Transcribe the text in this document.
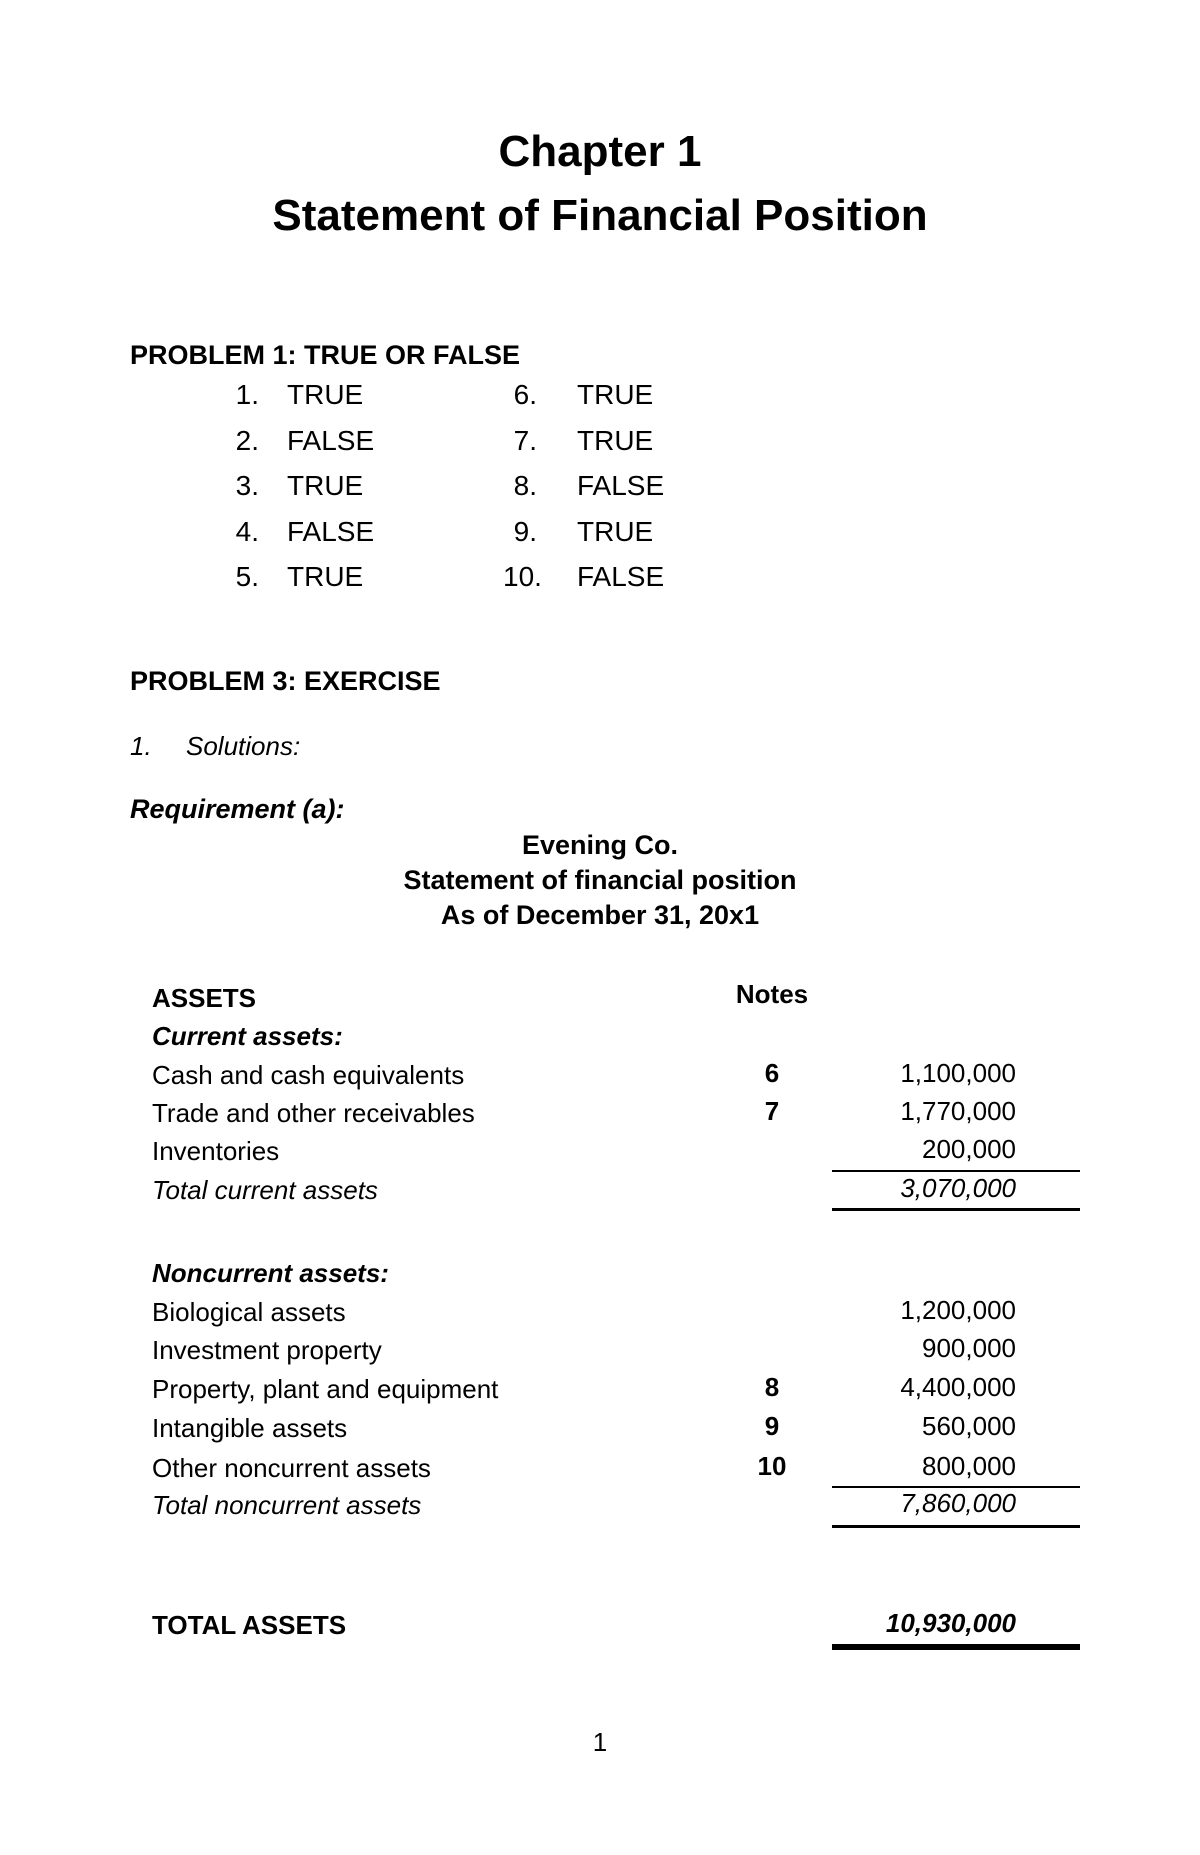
Chapter 1
Statement of Financial Position
PROBLEM 1: TRUE OR FALSE
1. TRUE	6. TRUE
2. FALSE	7. TRUE
3. TRUE	8. FALSE
4. FALSE	9. TRUE
5. TRUE	10. FALSE
PROBLEM 3: EXERCISE
1. Solutions:
Requirement (a):
Evening Co.
Statement of financial position
As of December 31, 20x1
ASSETS	Notes
Current assets:
Cash and cash equivalents	6	1,100,000
Trade and other receivables	7	1,770,000
Inventories	200,000
Total current assets	3,070,000
Noncurrent assets:
Biological assets	1,200,000
Investment property	900,000
Property, plant and equipment	8	4,400,000
Intangible assets	9	560,000
Other noncurrent assets	10	800,000
Total noncurrent assets	7,860,000
TOTAL ASSETS	10,930,000
1
